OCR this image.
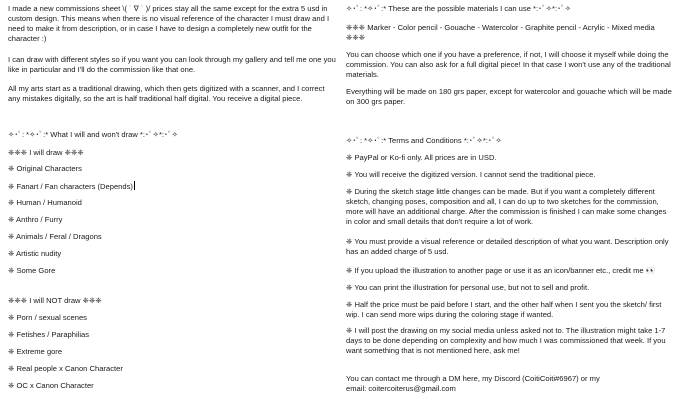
I made a new commissions sheet \( ˙ ∇ ˙ )/ prices stay all the same except for the extra 5 usd in custom design. This means when there is no visual reference of the character I must draw and I need to make it from description, or in case I have to design a completely new outfit for the character :)

I can draw with different styles so if you want you can look through my gallery and tell me one you like in particular and I'll do the commission like that one.

All my arts start as a traditional drawing, which then gets digitized with a scanner, and I correct any mistakes digitally, so the art is half traditional half digital. You receive a digital piece.

✧･ﾟ: *✧･ﾟ:* What I will and won't draw *:･ﾟ✧*:･ﾟ✧

❈❈❈ I will draw ❈❈❈

❈ Original Characters

❈ Fanart / Fan characters (Depends)

❈ Human / Humanoid

❈ Anthro / Furry

❈ Animals / Feral / Dragons

❈ Artistic nudity

❈ Some Gore

❈❈❈ I will NOT draw ❈❈❈

❈ Porn / sexual scenes

❈ Fetishes / Paraphilias

❈ Extreme gore

❈ Real people x Canon Character

❈ OC x Canon Character

✧･ﾟ: *✧･ﾟ:* These are the possible materials I can use *:･ﾟ✧*:･ﾟ✧

❈❈❈ Marker - Color pencil - Gouache - Watercolor - Graphite pencil - Acrylic - Mixed media ❈❈❈

You can choose which one if you have a preference, if not, I will choose it myself while doing the commission. You can also ask for a full digital piece! In that case I won't use any of the traditional materials.

Everything will be made on 180 grs paper, except for watercolor and gouache which will be made on 300 grs paper.

✧･ﾟ: *✧･ﾟ:* Terms and Conditions *:･ﾟ✧*:･ﾟ✧

❈ PayPal or Ko-fi only. All prices are in USD.

❈ You will receive the digitized version. I cannot send the traditional piece.

❈ During the sketch stage little changes can be made. But if you want a completely different sketch, changing poses, composition and all, I can do up to two sketches for the commission, more will have an additional charge. After the commission is finished I can make some changes in color and small details that don't require a lot of work.

❈ You must provide a visual reference or detailed description of what you want. Description only has an added charge of 5 usd.

❈ If you upload the illustration to another page or use it as an icon/banner etc., credit me 👀

❈ You can print the illustration for personal use, but not to sell and profit.

❈ Half the price must be paid before I start, and the other half when I sent you the sketch/ first wip. I can send more wips during the coloring stage if wanted.

❈ I will post the drawing on my social media unless asked not to. The illustration might take 1-7 days to be done depending on complexity and how much I was commissioned that week. If you want something that is not mentioned here, ask me!

You can contact me through a DM here, my Discord (CoitiCoiti#6967) or my

email: coitercoiterus@gmail.com
